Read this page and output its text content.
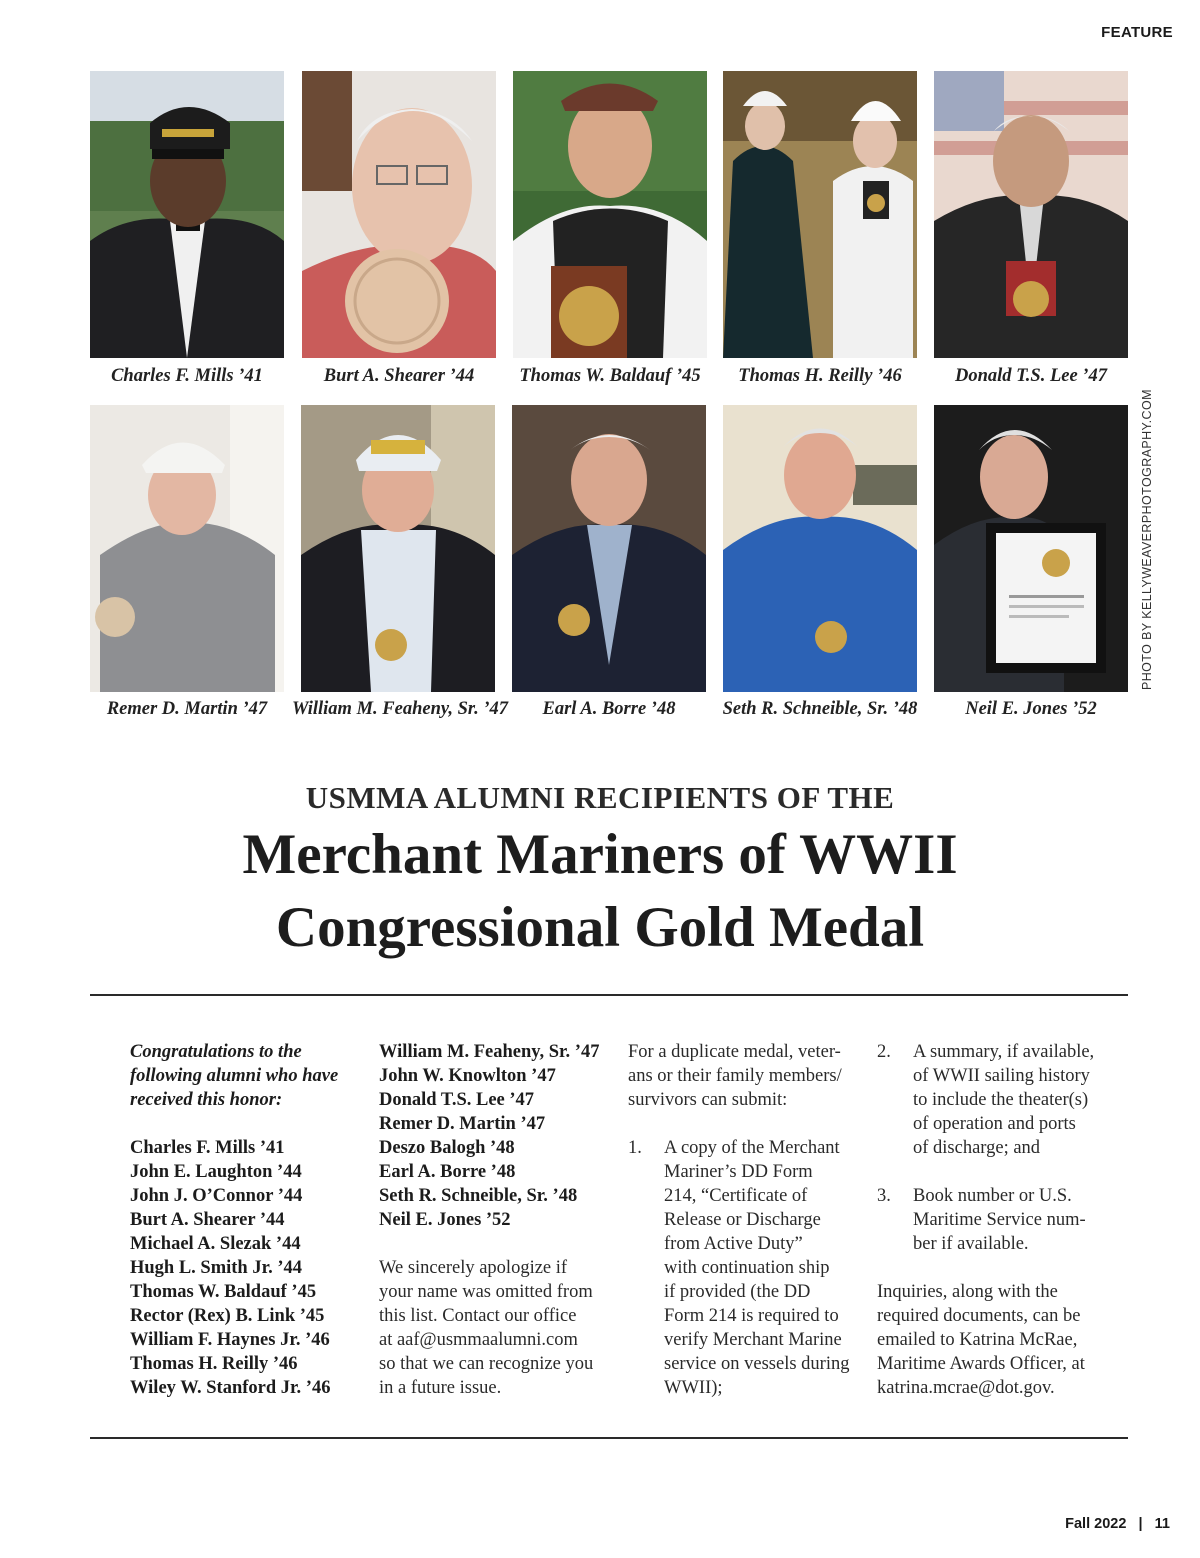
FEATURE
Charles F. Mills ’41	Burt A. Shearer ’44	Thomas W. Baldauf ’45	Thomas H. Reilly ’46	Donald T.S. Lee ’47
Remer D. Martin ’47	William M. Feaheny, Sr. ’47	Earl A. Borre ’48	Seth R. Schneible, Sr. ’48	Neil E. Jones ’52
PHOTO BY KELLYWEAVERPHOTOGRAPHY.COM

USMMA ALUMNI RECIPIENTS OF THE

Merchant Mariners of WWII
Congressional Gold Medal
Congratulations to the
following alumni who have
received this honor:
Charles F. Mills ’41
John E. Laughton ’44
John J. O’Connor ’44
Burt A. Shearer ’44
Michael A. Slezak ’44
Hugh L. Smith Jr. ’44
Thomas W. Baldauf ’45
Rector (Rex) B. Link ’45
William F. Haynes Jr. ’46
Thomas H. Reilly ’46
Wiley W. Stanford Jr. ’46
William M. Feaheny, Sr. ’47
John W. Knowlton ’47
Donald T.S. Lee ’47
Remer D. Martin ’47
Deszo Balogh ’48
Earl A. Borre ’48
Seth R. Schneible, Sr. ’48
Neil E. Jones ’52
We sincerely apologize if
your name was omitted from
this list. Contact our office
at aaf@usmmaalumni.com
so that we can recognize you
in a future issue.
For a duplicate medal, veter-
ans or their family members/
survivors can submit:
1. A copy of the Merchant
Mariner’s DD Form
214, “Certificate of
Release or Discharge
from Active Duty”
with continuation ship
if provided (the DD
Form 214 is required to
verify Merchant Marine
service on vessels during
WWII);
2. A summary, if available,
of WWII sailing history
to include the theater(s)
of operation and ports
of discharge; and
3. Book number or U.S.
Maritime Service num-
ber if available.
Inquiries, along with the
required documents, can be
emailed to Katrina McRae,
Maritime Awards Officer, at
katrina.mcrae@dot.gov.
Fall 2022 | 11
